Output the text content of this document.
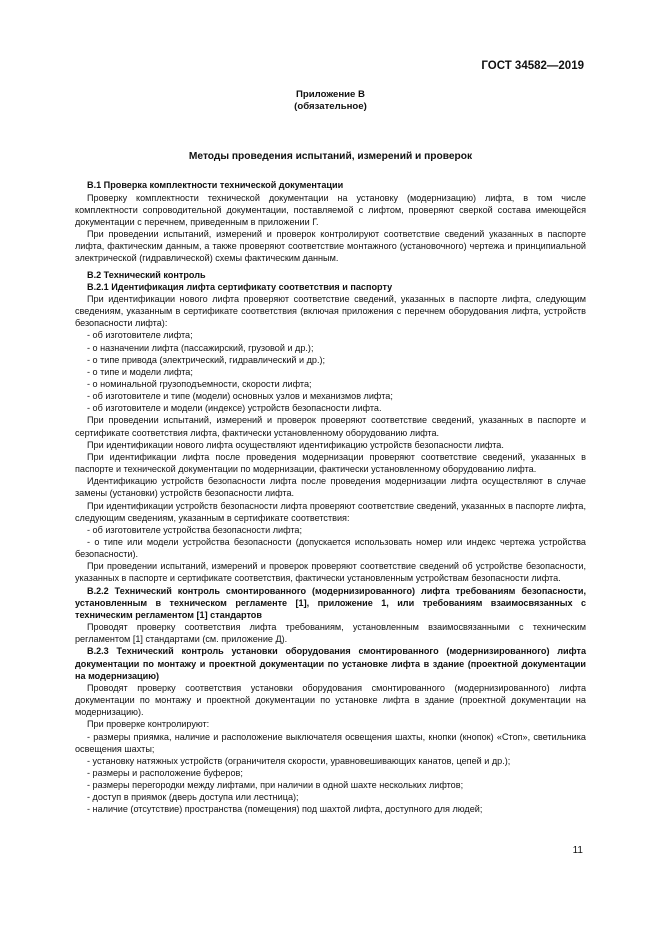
ГОСТ 34582—2019
Приложение В
(обязательное)
Методы проведения испытаний, измерений и проверок

В.1 Проверка комплектности технической документации

Проверку комплектности технической документации на установку (модернизацию) лифта, в том числе комплектности сопроводительной документации, поставляемой с лифтом, проверяют сверкой состава имеющейся документации с перечнем, приведенным в приложении Г.

При проведении испытаний, измерений и проверок контролируют соответствие сведений указанных в паспорте лифта, фактическим данным, а также проверяют соответствие монтажного (установочного) чертежа и принципиальной электрической (гидравлической) схемы фактическим данным.

В.2 Технический контроль

В.2.1 Идентификация лифта сертификату соответствия и паспорту

При идентификации нового лифта проверяют соответствие сведений, указанных в паспорте лифта, следующим сведениям, указанным в сертификате соответствия (включая приложения с перечнем оборудования лифта, устройств безопасности лифта):

- об изготовителе лифта;

- о назначении лифта (пассажирский, грузовой и др.);

- о типе привода (электрический, гидравлический и др.);

- о типе и модели лифта;

- о номинальной грузоподъемности, скорости лифта;

- об изготовителе и типе (модели) основных узлов и механизмов лифта;

- об изготовителе и модели (индексе) устройств безопасности лифта.

При проведении испытаний, измерений и проверок проверяют соответствие сведений, указанных в паспорте и сертификате соответствия лифта, фактически установленному оборудованию лифта.

При идентификации нового лифта осуществляют идентификацию устройств безопасности лифта.

При идентификации лифта после проведения модернизации проверяют соответствие сведений, указанных в паспорте и технической документации по модернизации, фактически установленному оборудованию лифта.

Идентификацию устройств безопасности лифта после проведения модернизации лифта осуществляют в случае замены (установки) устройств безопасности лифта.

При идентификации устройств безопасности лифта проверяют соответствие сведений, указанных в паспорте лифта, следующим сведениям, указанным в сертификате соответствия:

- об изготовителе устройства безопасности лифта;

- о типе или модели устройства безопасности (допускается использовать номер или индекс чертежа устройства безопасности).

При проведении испытаний, измерений и проверок проверяют соответствие сведений об устройстве безопасности, указанных в паспорте и сертификате соответствия, фактически установленным устройствам безопасности лифта.

В.2.2 Технический контроль смонтированного (модернизированного) лифта требованиям безопасности, установленным в техническом регламенте [1], приложение 1, или требованиям взаимосвязанных с техническим регламентом [1] стандартов

Проводят проверку соответствия лифта требованиям, установленным взаимосвязанными с техническим регламентом [1] стандартами (см. приложение Д).

В.2.3 Технический контроль установки оборудования смонтированного (модернизированного) лифта документации по монтажу и проектной документации по установке лифта в здание (проектной документации на модернизацию)

Проводят проверку соответствия установки оборудования смонтированного (модернизированного) лифта документации по монтажу и проектной документации по установке лифта в здание (проектной документации на модернизацию).

При проверке контролируют:

- размеры приямка, наличие и расположение выключателя освещения шахты, кнопки (кнопок) «Стоп», светильника освещения шахты;

- установку натяжных устройств (ограничителя скорости, уравновешивающих канатов, цепей и др.);

- размеры и расположение буферов;

- размеры перегородки между лифтами, при наличии в одной шахте нескольких лифтов;

- доступ в приямок (дверь доступа или лестница);

- наличие (отсутствие) пространства (помещения) под шахтой лифта, доступного для людей;

11
